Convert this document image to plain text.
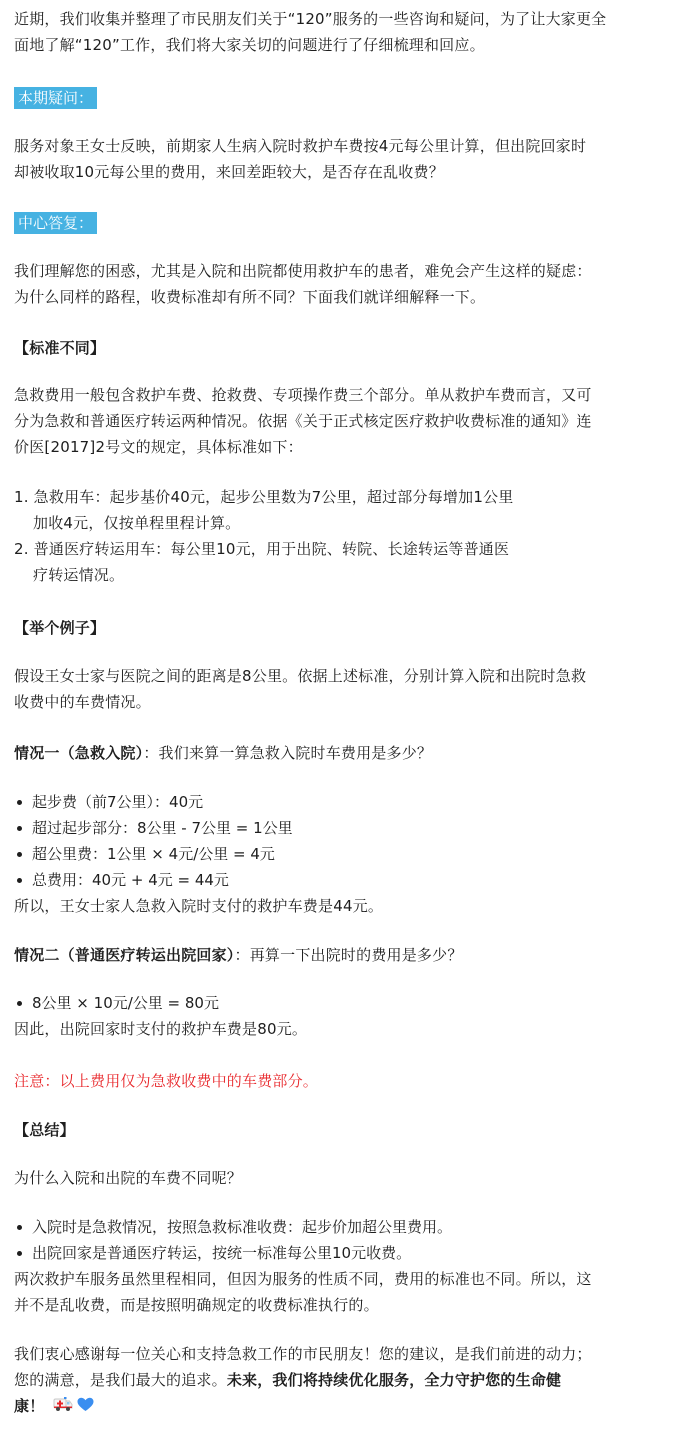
近期，我们收集并整理了市民朋友们关于“120”服务的一些咨询和疑问，为了让大家更全

面地了解“120”工作，我们将大家关切的问题进行了仔细梳理和回应。

本期疑问：

服务对象王女士反映，前期家人生病入院时救护车费按4元每公里计算，但出院回家时

却被收取10元每公里的费用，来回差距较大，是否存在乱收费？

中心答复：

我们理解您的困惑，尤其是入院和出院都使用救护车的患者，难免会产生这样的疑虑：

为什么同样的路程，收费标准却有所不同？下面我们就详细解释一下。

【标准不同】

急救费用一般包含救护车费、抢救费、专项操作费三个部分。单从救护车费而言，又可

分为急救和普通医疗转运两种情况。依据《关于正式核定医疗救护收费标准的通知》连

价医[2017]2号文的规定，具体标准如下：

1. 急救用车：起步基价40元，起步公里数为7公里，超过部分每增加1公里

加收4元，仅按单程里程计算。

2. 普通医疗转运用车：每公里10元，用于出院、转院、长途转运等普通医

疗转运情况。

【举个例子】

假设王女士家与医院之间的距离是8公里。依据上述标准，分别计算入院和出院时急救

收费中的车费情况。

情况一（急救入院）：我们来算一算急救入院时车费用是多少？

起步费（前7公里）：40元
超过起步部分：8公里 - 7公里 = 1公里
超公里费：1公里 × 4元/公里 = 4元
总费用：40元 + 4元 = 44元

所以，王女士家人急救入院时支付的救护车费是44元。

情况二（普通医疗转运出院回家）：再算一下出院时的费用是多少？

8公里 × 10元/公里 = 80元

因此，出院回家时支付的救护车费是80元。

注意：以上费用仅为急救收费中的车费部分。

【总结】

为什么入院和出院的车费不同呢？

入院时是急救情况，按照急救标准收费：起步价加超公里费用。
出院回家是普通医疗转运，按统一标准每公里10元收费。

两次救护车服务虽然里程相同，但因为服务的性质不同，费用的标准也不同。所以，这

并不是乱收费，而是按照明确规定的收费标准执行的。

我们衷心感谢每一位关心和支持急救工作的市民朋友！您的建议，是我们前进的动力；

您的满意，是我们最大的追求。未来，我们将持续优化服务，全力守护您的生命健

康！
